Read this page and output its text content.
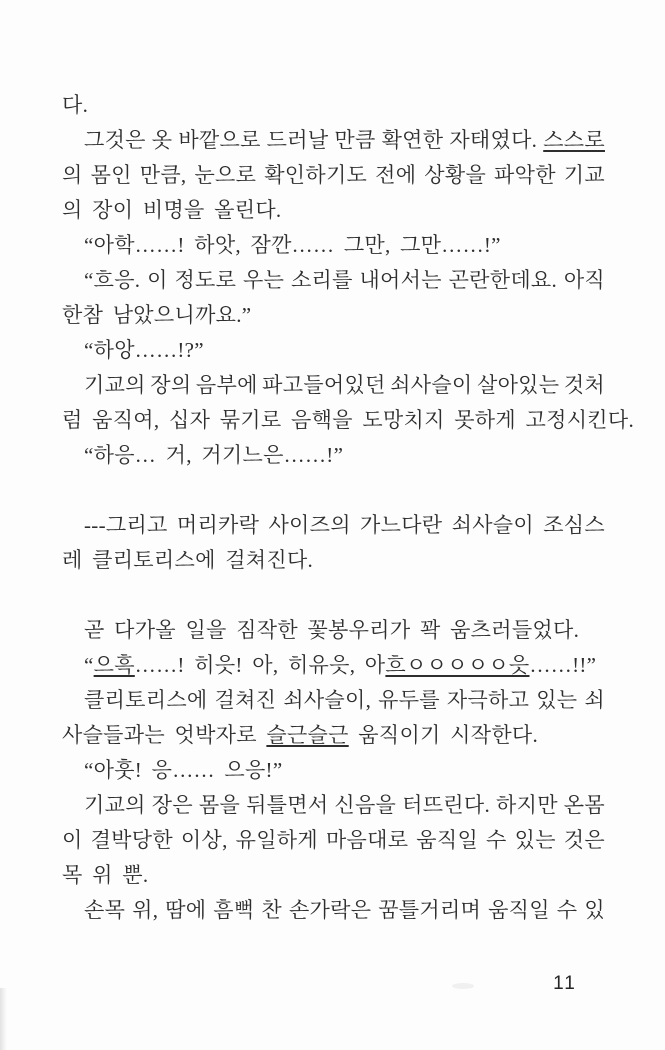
다.
그것은 옷 바깥으로 드러날 만큼 확연한 자태였다. 스스로
의 몸인 만큼, 눈으로 확인하기도 전에 상황을 파악한 기교
의 장이 비명을 올린다.
“아학……! 하앗, 잠깐…… 그만, 그만……!”
“흐응. 이 정도로 우는 소리를 내어서는 곤란한데요. 아직
한참 남았으니까요.”
“하앙……!?”
기교의 장의 음부에 파고들어있던 쇠사슬이 살아있는 것처
럼 움직여, 십자 묶기로 음핵을 도망치지 못하게 고정시킨다.
“하응… 거, 거기느은……!”
---그리고 머리카락 사이즈의 가느다란 쇠사슬이 조심스
레 클리토리스에 걸쳐진다.
곧 다가올 일을 짐작한 꽃봉우리가 꽉 움츠러들었다.
“으흑……! 히읏! 아, 히유읏, 아흐ㅇㅇㅇㅇㅇ읏……!!”
클리토리스에 걸쳐진 쇠사슬이, 유두를 자극하고 있는 쇠
사슬들과는 엇박자로 슬근슬근 움직이기 시작한다.
“아훗! 응…… 으응!”
기교의 장은 몸을 뒤틀면서 신음을 터뜨린다. 하지만 온몸
이 결박당한 이상, 유일하게 마음대로 움직일 수 있는 것은
목 위 뿐.
손목 위, 땀에 흠뻑 찬 손가락은 꿈틀거리며 움직일 수 있
11
